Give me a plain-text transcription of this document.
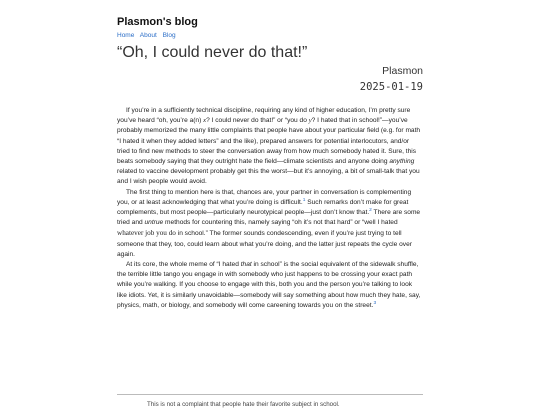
Plasmon's blog
Home About Blog
“Oh, I could never do that!”
Plasmon
2025-01-19

If you’re in a sufficiently technical discipline, requiring any kind of higher education, I’m pretty sure you’ve heard “oh, you’re a(n) x? I could never do that!” or “you do y? I hated that in school!”—you’ve probably memorized the many little complaints that people have about your particular field (e.g. for math “I hated it when they added letters” and the like), prepared answers for potential interlocutors, and/or tried to find new methods to steer the conversation away from how much somebody hated it. Sure, this beats somebody saying that they outright hate the field—climate scientists and anyone doing anything related to vaccine development probably get this the worst—but it’s annoying, a bit of small-talk that you and I wish people would avoid.

The first thing to mention here is that, chances are, your partner in conversation is complementing you, or at least acknowledging that what you’re doing is difficult.$^1$ Such remarks don’t make for great complements, but most people—particularly neurotypical people—just don’t know that.$^2$ There are some tried and untrue methods for countering this, namely saying “oh it’s not that hard” or “well I hated whatever job you do in school.” The former sounds condescending, even if you’re just trying to tell someone that they, too, could learn about what you’re doing, and the latter just repeats the cycle over again.

At its core, the whole meme of “I hated that in school” is the social equivalent of the sidewalk shuffle, the terrible little tango you engage in with somebody who just happens to be crossing your exact path while you’re walking. If you choose to engage with this, both you and the person you’re talking to look like idiots. Yet, it is similarly unavoidable—somebody will say something about how much they hate, say, physics, math, or biology, and somebody will come careening towards you on the street.$^3$

This is not a complaint that people hate their favorite subject in school.
